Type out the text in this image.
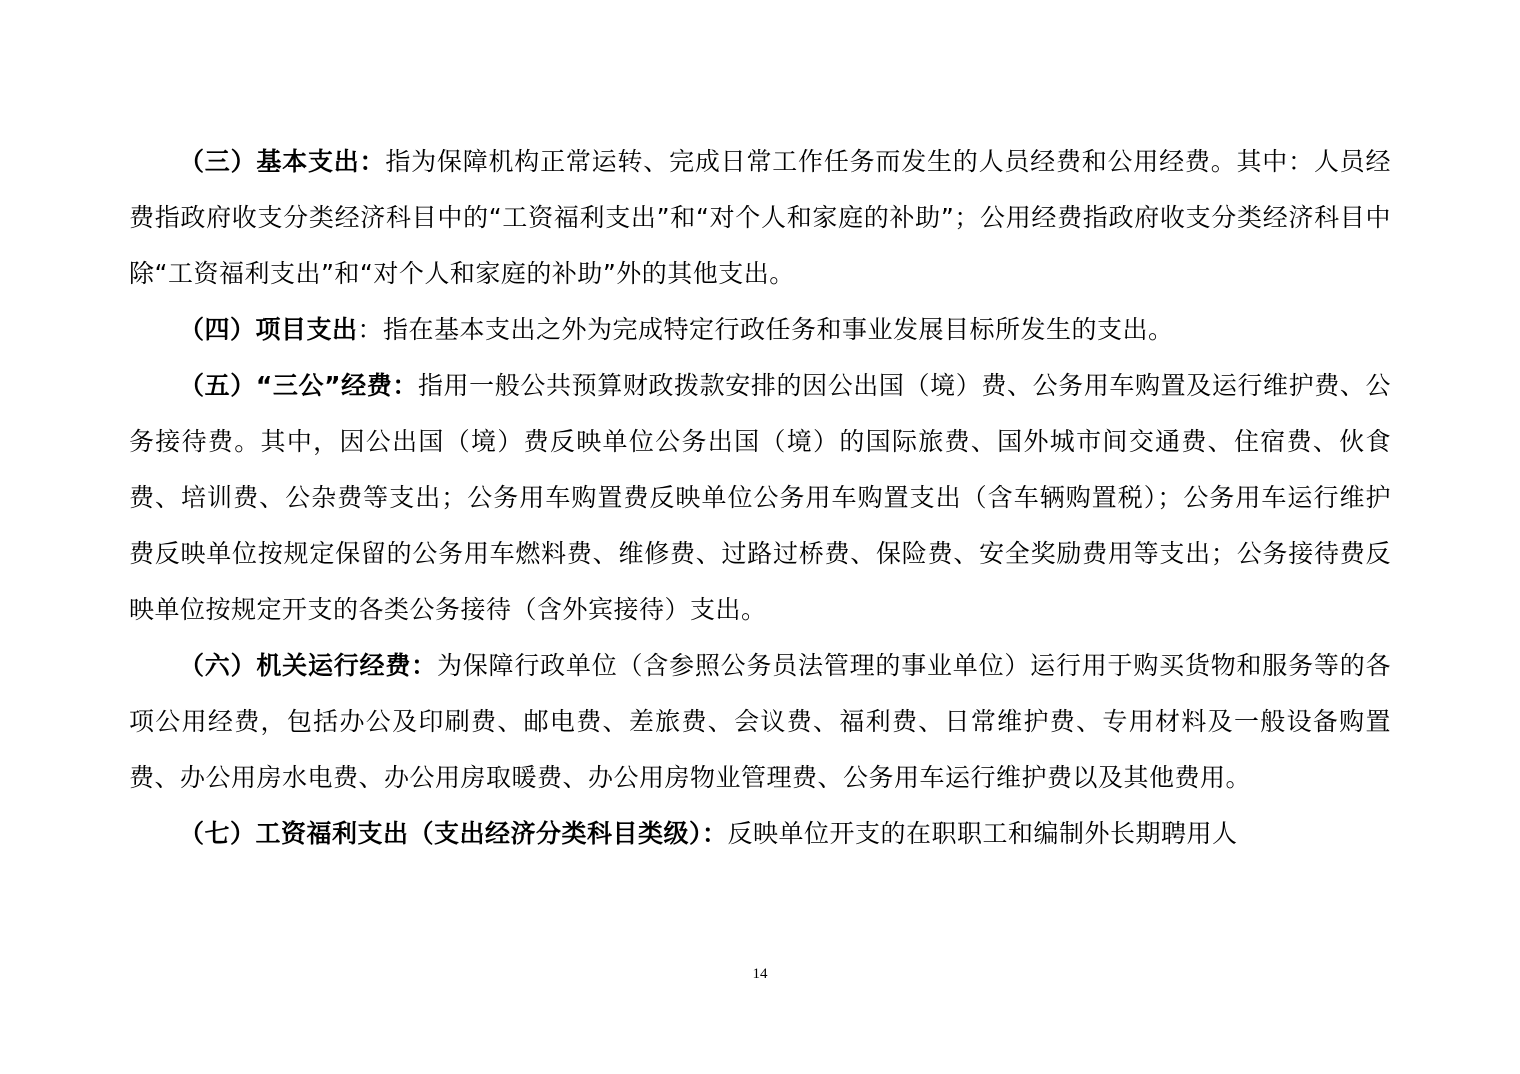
（三）基本支出：指为保障机构正常运转、完成日常工作任务而发生的人员经费和公用经费。其中：人员经费指政府收支分类经济科目中的“工资福利支出”和“对个人和家庭的补助”；公用经费指政府收支分类经济科目中除“工资福利支出”和“对个人和家庭的补助”外的其他支出。

（四）项目支出：指在基本支出之外为完成特定行政任务和事业发展目标所发生的支出。

（五）“三公”经费：指用一般公共预算财政拨款安排的因公出国（境）费、公务用车购置及运行维护费、公务接待费。其中，因公出国（境）费反映单位公务出国（境）的国际旅费、国外城市间交通费、住宿费、伙食费、培训费、公杂费等支出；公务用车购置费反映单位公务用车购置支出（含车辆购置税）；公务用车运行维护费反映单位按规定保留的公务用车燃料费、维修费、过路过桥费、保险费、安全奖励费用等支出；公务接待费反映单位按规定开支的各类公务接待（含外宾接待）支出。

（六）机关运行经费：为保障行政单位（含参照公务员法管理的事业单位）运行用于购买货物和服务等的各项公用经费，包括办公及印刷费、邮电费、差旅费、会议费、福利费、日常维护费、专用材料及一般设备购置费、办公用房水电费、办公用房取暖费、办公用房物业管理费、公务用车运行维护费以及其他费用。

（七）工资福利支出（支出经济分类科目类级）：反映单位开支的在职职工和编制外长期聘用人

14
